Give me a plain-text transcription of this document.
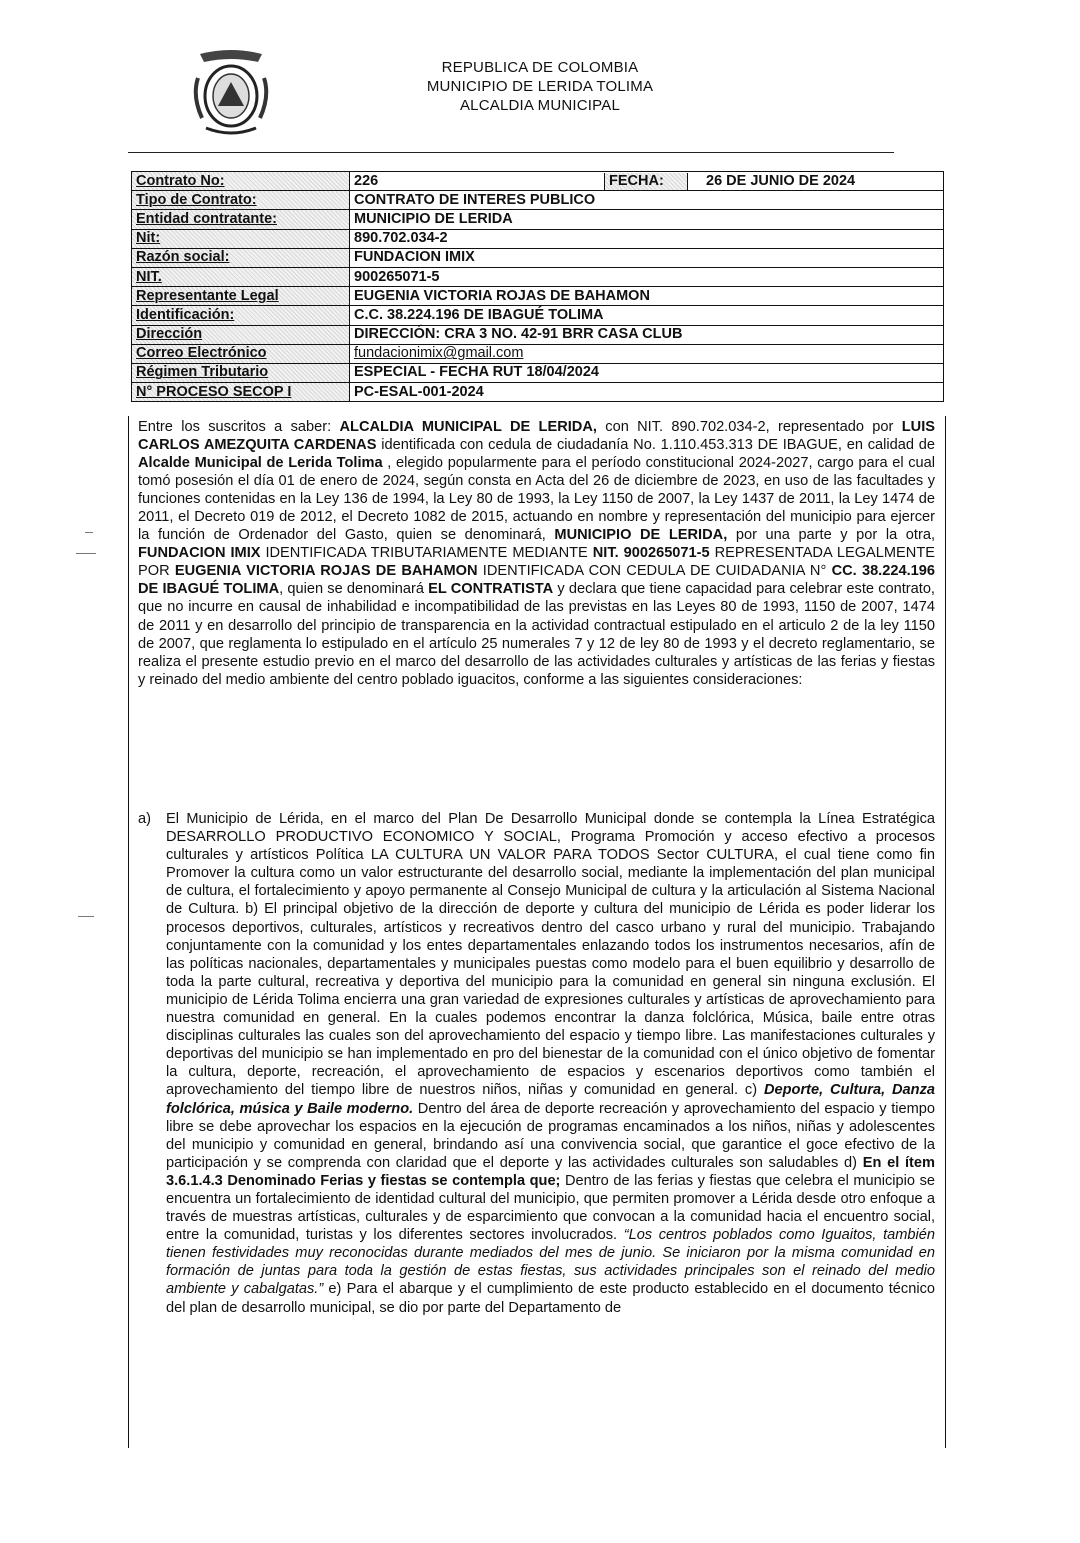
REPUBLICA DE COLOMBIA
MUNICIPIO DE LERIDA TOLIMA
ALCALDIA MUNICIPAL
Contrato No:	226 FECHA: 26 DE JUNIO DE 2024

Tipo de Contrato:	CONTRATO DE INTERES PUBLICO
Entidad contratante:	MUNICIPIO DE LERIDA
Nit:	890.702.034-2
Razón social:	FUNDACION IMIX
NIT.	900265071-5
Representante Legal	EUGENIA VICTORIA ROJAS DE BAHAMON
Identificación:	C.C. 38.224.196 DE IBAGUÉ TOLIMA
Dirección	DIRECCIÓN: CRA 3 NO. 42-91 BRR CASA CLUB
Correo Electrónico	fundacionimix@gmail.com
Régimen Tributario	ESPECIAL - FECHA RUT 18/04/2024
N° PROCESO SECOP I	PC-ESAL-001-2024

Entre los suscritos a saber: ALCALDIA MUNICIPAL DE LERIDA, con NIT. 890.702.034-2, representado por LUIS CARLOS AMEZQUITA CARDENAS identificada con cedula de ciudadanía No. 1.110.453.313 DE IBAGUE, en calidad de Alcalde Municipal de Lerida Tolima , elegido popularmente para el período constitucional 2024-2027, cargo para el cual tomó posesión el día 01 de enero de 2024, según consta en Acta del 26 de diciembre de 2023, en uso de las facultades y funciones contenidas en la Ley 136 de 1994, la Ley 80 de 1993, la Ley 1150 de 2007, la Ley 1437 de 2011, la Ley 1474 de 2011, el Decreto 019 de 2012, el Decreto 1082 de 2015, actuando en nombre y representación del municipio para ejercer la función de Ordenador del Gasto, quien se denominará, MUNICIPIO DE LERIDA, por una parte y por la otra, FUNDACION IMIX IDENTIFICADA TRIBUTARIAMENTE MEDIANTE NIT. 900265071-5 REPRESENTADA LEGALMENTE POR EUGENIA VICTORIA ROJAS DE BAHAMON IDENTIFICADA CON CEDULA DE CUIDADANIA N° CC. 38.224.196 DE IBAGUÉ TOLIMA, quien se denominará EL CONTRATISTA y declara que tiene capacidad para celebrar este contrato, que no incurre en causal de inhabilidad e incompatibilidad de las previstas en las Leyes 80 de 1993, 1150 de 2007, 1474 de 2011 y en desarrollo del principio de transparencia en la actividad contractual estipulado en el articulo 2 de la ley 1150 de 2007, que reglamenta lo estipulado en el artículo 25 numerales 7 y 12 de ley 80 de 1993 y el decreto reglamentario, se realiza el presente estudio previo en el marco del desarrollo de las actividades culturales y artísticas de las ferias y fiestas y reinado del medio ambiente del centro poblado iguacitos, conforme a las siguientes consideraciones:

a) El Municipio de Lérida, en el marco del Plan De Desarrollo Municipal donde se contempla la Línea Estratégica DESARROLLO PRODUCTIVO ECONOMICO Y SOCIAL, Programa Promoción y acceso efectivo a procesos culturales y artísticos Política LA CULTURA UN VALOR PARA TODOS Sector CULTURA, el cual tiene como fin Promover la cultura como un valor estructurante del desarrollo social, mediante la implementación del plan municipal de cultura, el fortalecimiento y apoyo permanente al Consejo Municipal de cultura y la articulación al Sistema Nacional de Cultura. b) El principal objetivo de la dirección de deporte y cultura del municipio de Lérida es poder liderar los procesos deportivos, culturales, artísticos y recreativos dentro del casco urbano y rural del municipio. Trabajando conjuntamente con la comunidad y los entes departamentales enlazando todos los instrumentos necesarios, afín de las políticas nacionales, departamentales y municipales puestas como modelo para el buen equilibrio y desarrollo de toda la parte cultural, recreativa y deportiva del municipio para la comunidad en general sin ninguna exclusión. El municipio de Lérida Tolima encierra una gran variedad de expresiones culturales y artísticas de aprovechamiento para nuestra comunidad en general. En la cuales podemos encontrar la danza folclórica, Música, baile entre otras disciplinas culturales las cuales son del aprovechamiento del espacio y tiempo libre. Las manifestaciones culturales y deportivas del municipio se han implementado en pro del bienestar de la comunidad con el único objetivo de fomentar la cultura, deporte, recreación, el aprovechamiento de espacios y escenarios deportivos como también el aprovechamiento del tiempo libre de nuestros niños, niñas y comunidad en general. c) Deporte, Cultura, Danza folclórica, música y Baile moderno. Dentro del área de deporte recreación y aprovechamiento del espacio y tiempo libre se debe aprovechar los espacios en la ejecución de programas encaminados a los niños, niñas y adolescentes del municipio y comunidad en general, brindando así una convivencia social, que garantice el goce efectivo de la participación y se comprenda con claridad que el deporte y las actividades culturales son saludables d) En el ítem 3.6.1.4.3 Denominado Ferias y fiestas se contempla que; Dentro de las ferias y fiestas que celebra el municipio se encuentra un fortalecimiento de identidad cultural del municipio, que permiten promover a Lérida desde otro enfoque a través de muestras artísticas, culturales y de esparcimiento que convocan a la comunidad hacia el encuentro social, entre la comunidad, turistas y los diferentes sectores involucrados. “Los centros poblados como Iguaitos, también tienen festividades muy reconocidas durante mediados del mes de junio. Se iniciaron por la misma comunidad en formación de juntas para toda la gestión de estas fiestas, sus actividades principales son el reinado del medio ambiente y cabalgatas.” e) Para el abarque y el cumplimiento de este producto establecido en el documento técnico del plan de desarrollo municipal, se dio por parte del Departamento de
